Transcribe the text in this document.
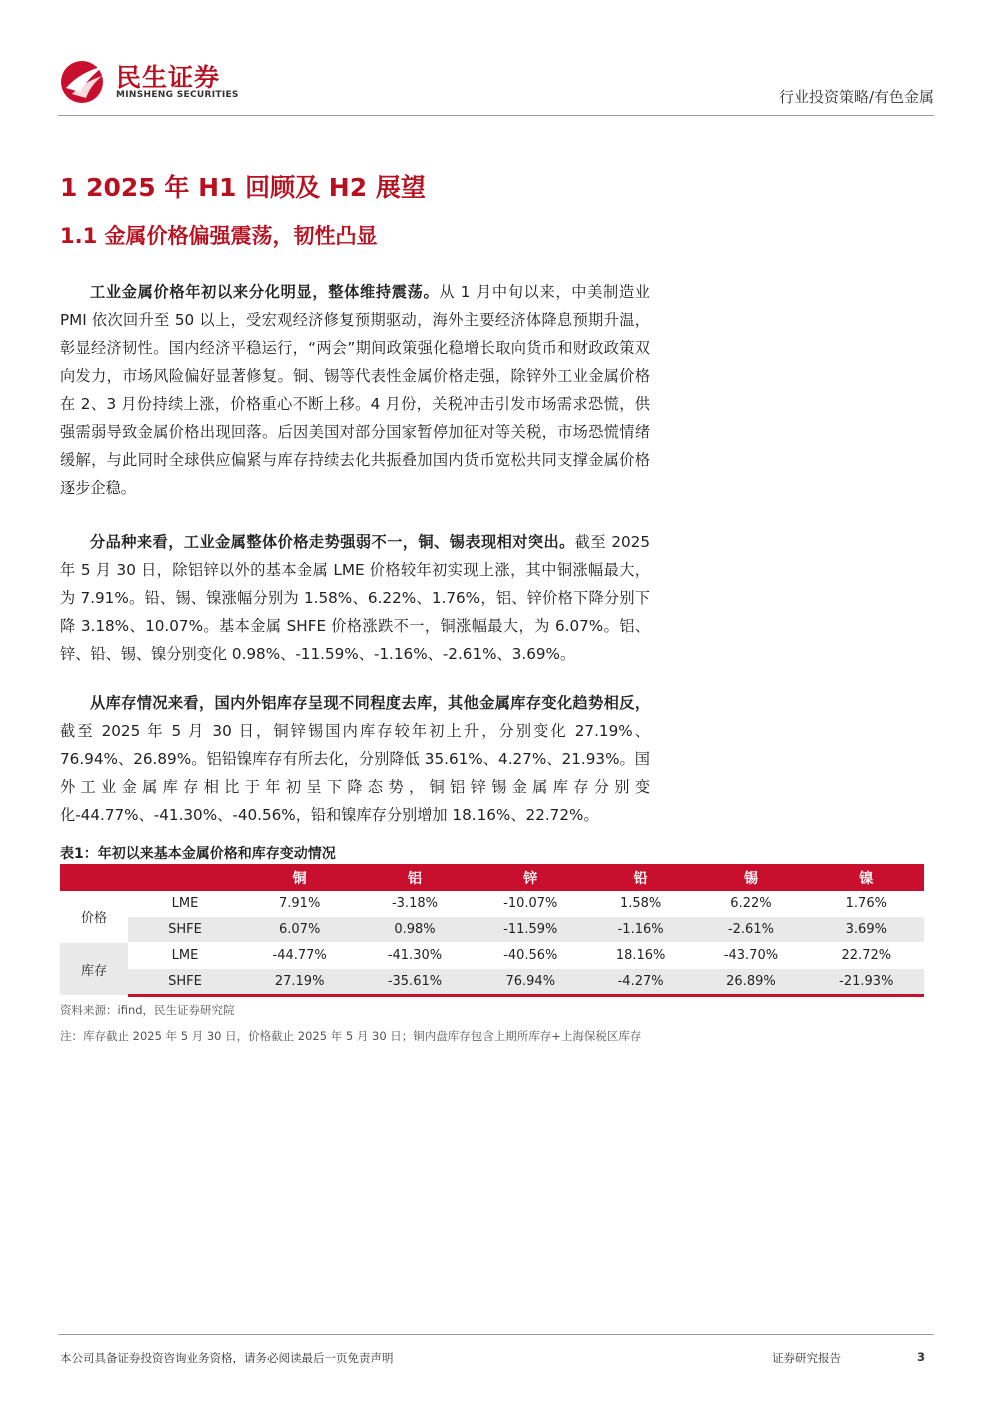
民生证券
MINSHENG SECURITIES	行业投资策略/有色金属
1 2025 年 H1 回顾及 H2 展望
1.1 金属价格偏强震荡，韧性凸显

工业金属价格年初以来分化明显，整体维持震荡。从 1 月中旬以来，中美制造业 PMI 依次回升至 50 以上，受宏观经济修复预期驱动，海外主要经济体降息预期升温，彰显经济韧性。国内经济平稳运行，“两会”期间政策强化稳增长取向货币和财政政策双向发力，市场风险偏好显著修复。铜、锡等代表性金属价格走强，除锌外工业金属价格在 2、3 月份持续上涨，价格重心不断上移。4 月份，关税冲击引发市场需求恐慌，供强需弱导致金属价格出现回落。后因美国对部分国家暂停加征对等关税，市场恐慌情绪缓解，与此同时全球供应偏紧与库存持续去化共振叠加国内货币宽松共同支撑金属价格逐步企稳。

分品种来看，工业金属整体价格走势强弱不一，铜、锡表现相对突出。截至 2025 年 5 月 30 日，除铝锌以外的基本金属 LME 价格较年初实现上涨，其中铜涨幅最大，为 7.91%。铅、锡、镍涨幅分别为 1.58%、6.22%、1.76%，铝、锌价格下降分别下降 3.18%、10.07%。基本金属 SHFE 价格涨跌不一，铜涨幅最大，为 6.07%。铝、锌、铅、锡、镍分别变化 0.98%、-11.59%、-1.16%、-2.61%、3.69%。

从库存情况来看，国内外铝库存呈现不同程度去库，其他金属库存变化趋势相反，截至 2025 年 5 月 30 日，铜锌锡国内库存较年初上升，分别变化 27.19%、76.94%、26.89%。铝铅镍库存有所去化，分别降低 35.61%、4.27%、21.93%。国外工业金属库存相比于年初呈下降态势，铜铝锌锡金属库存分别变化-44.77%、-41.30%、-40.56%，铅和镍库存分别增加 18.16%、22.72%。

表1：年初以来基本金属价格和库存变动情况
		铜	铝	锌	铅	锡	镍
价格	LME	7.91%	-3.18%	-10.07%	1.58%	6.22%	1.76%
	SHFE	6.07%	0.98%	-11.59%	-1.16%	-2.61%	3.69%
库存	LME	-44.77%	-41.30%	-40.56%	18.16%	-43.70%	22.72%
	SHFE	27.19%	-35.61%	76.94%	-4.27%	26.89%	-21.93%
资料来源：ifind，民生证券研究院
注：库存截止 2025 年 5 月 30 日，价格截止 2025 年 5 月 30 日；铜内盘库存包含上期所库存+上海保税区库存
本公司具备证券投资咨询业务资格，请务必阅读最后一页免责声明	证券研究报告	3
